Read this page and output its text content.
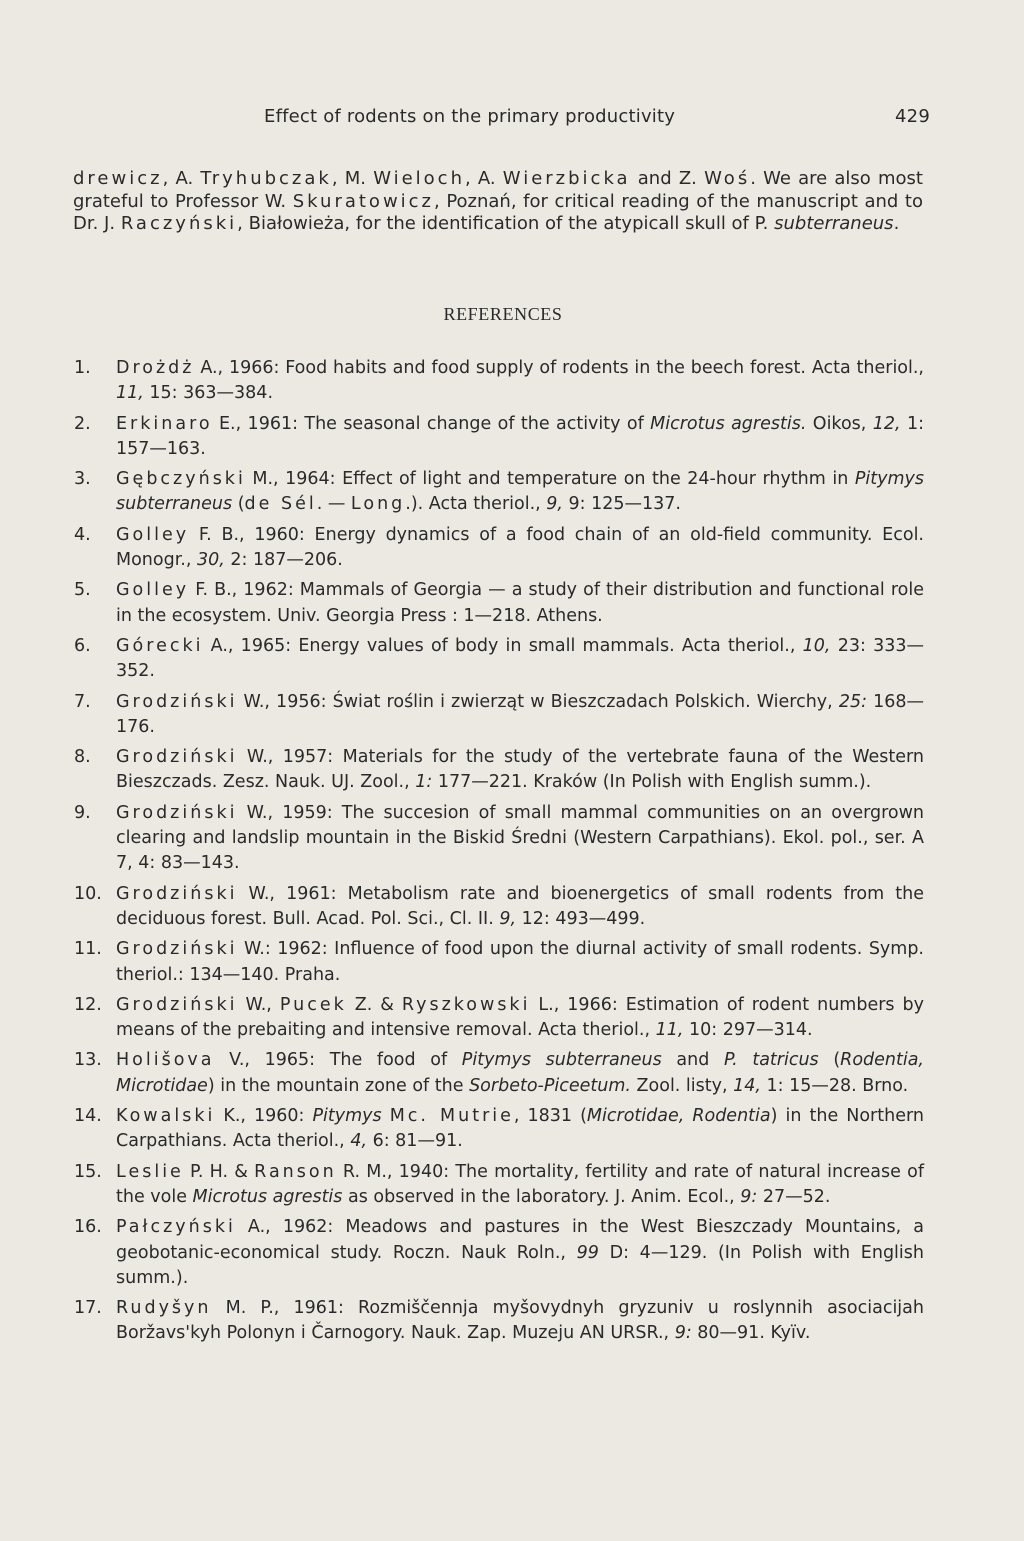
Effect of rodents on the primary productivity	429

drewicz, A. Tryhubczak, M. Wieloch, A. Wierzbicka and Z. Woś. We are also most grateful to Professor W. Skuratowicz, Poznań, for critical reading of the manuscript and to Dr. J. Raczyński, Białowieża, for the identification of the atypicall skull of P. subterraneus.

REFERENCES
1.	Drożdż A., 1966: Food habits and food supply of rodents in the beech forest. Acta theriol., 11, 15: 363—384.
2.	Erkinaro E., 1961: The seasonal change of the activity of Microtus agrestis. Oikos, 12, 1: 157—163.
3.	Gębczyński M., 1964: Effect of light and temperature on the 24-hour rhythm in Pitymys subterraneus (de Sél. — Long.). Acta theriol., 9, 9: 125—137.
4.	Golley F. B., 1960: Energy dynamics of a food chain of an old-field community. Ecol. Monogr., 30, 2: 187—206.
5.	Golley F. B., 1962: Mammals of Georgia — a study of their distribution and functional role in the ecosystem. Univ. Georgia Press : 1—218. Athens.
6.	Górecki A., 1965: Energy values of body in small mammals. Acta theriol., 10, 23: 333—352.
7.	Grodziński W., 1956: Świat roślin i zwierząt w Bieszczadach Polskich. Wierchy, 25: 168—176.
8.	Grodziński W., 1957: Materials for the study of the vertebrate fauna of the Western Bieszczads. Zesz. Nauk. UJ. Zool., 1: 177—221. Kraków (In Polish with English summ.).
9.	Grodziński W., 1959: The succesion of small mammal communities on an overgrown clearing and landslip mountain in the Biskid Średni (Western Carpathians). Ekol. pol., ser. A 7, 4: 83—143.
10. Grodziński W., 1961: Metabolism rate and bioenergetics of small rodents from the deciduous forest. Bull. Acad. Pol. Sci., Cl. II. 9, 12: 493—499.
11. Grodziński W.: 1962: Influence of food upon the diurnal activity of small rodents. Symp. theriol.: 134—140. Praha.
12. Grodziński W., Pucek Z. & Ryszkowski L., 1966: Estimation of rodent numbers by means of the prebaiting and intensive removal. Acta theriol., 11, 10: 297—314.
13. Holišova V., 1965: The food of Pitymys subterraneus and P. tatricus (Rodentia, Microtidae) in the mountain zone of the Sorbeto-Piceetum. Zool. listy, 14, 1: 15—28. Brno.
14. Kowalski K., 1960: Pitymys Mc. Mutrie, 1831 (Microtidae, Rodentia) in the Northern Carpathians. Acta theriol., 4, 6: 81—91.
15. Leslie P. H. & Ranson R. M., 1940: The mortality, fertility and rate of natural increase of the vole Microtus agrestis as observed in the laboratory. J. Anim. Ecol., 9: 27—52.
16. Pałczyński A., 1962: Meadows and pastures in the West Bieszczady Mountains, a geobotanic-economical study. Roczn. Nauk Roln., 99 D: 4—129. (In Polish with English summ.).
17. Rudyšyn M. P., 1961: Rozmiščennja myšovydnyh gryzuniv u roslynnih asociacijah Boržavs'kyh Polonyn i Čarnogory. Nauk. Zap. Muzeju AN URSR., 9: 80—91. Kyïv.
